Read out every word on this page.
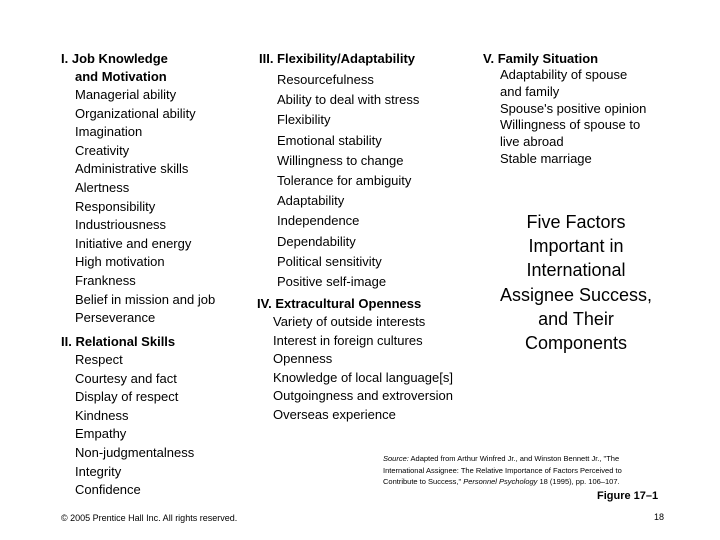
I. Job Knowledge
and Motivation
Managerial ability
Organizational ability
Imagination
Creativity
Administrative skills
Alertness
Responsibility
Industriousness
Initiative and energy
High motivation
Frankness
Belief in mission and job
Perseverance
II. Relational Skills
Respect
Courtesy and fact
Display of respect
Kindness
Empathy
Non-judgmentalness
Integrity
Confidence
III. Flexibility/Adaptability
Resourcefulness
Ability to deal with stress
Flexibility
Emotional stability
Willingness to change
Tolerance for ambiguity
Adaptability
Independence
Dependability
Political sensitivity
Positive self-image
IV. Extracultural Openness
Variety of outside interests
Interest in foreign cultures
Openness
Knowledge of local language[s]
Outgoingness and extroversion
Overseas experience
V. Family Situation
Adaptability of spouse
and family
Spouse's positive opinion
Willingness of spouse to
live abroad
Stable marriage
Five Factors
Important in
International
Assignee Success,
and Their
Components
Source: Adapted from Arthur Winfred Jr., and Winston Bennett Jr., "The
International Assignee: The Relative Importance of Factors Perceived to
Contribute to Success," Personnel Psychology 18 (1995), pp. 106–107.
Figure 17–1
© 2005 Prentice Hall Inc. All rights reserved.	18
